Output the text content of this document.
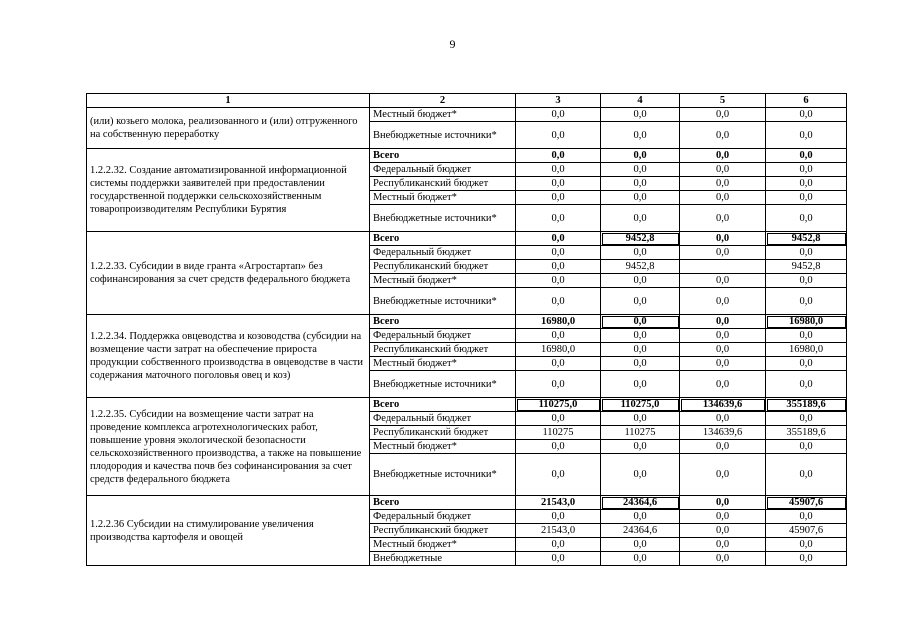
9
1	2	3	4	5	6
(или) козьего молока, реализованного и (или) отгруженного на собственную переработку	Местный бюджет*	0,0	0,0	0,0	0,0
	Внебюджетные источники*	0,0	0,0	0,0	0,0
1.2.2.32. Создание автоматизированной информационной системы поддержки заявителей при предоставлении государственной поддержки сельскохозяйственным товаропроизводителям Республики Бурятия	Всего	0,0	0,0	0,0	0,0
	Федеральный бюджет	0,0	0,0	0,0	0,0
	Республиканский бюджет	0,0	0,0	0,0	0,0
	Местный бюджет*	0,0	0,0	0,0	0,0
	Внебюджетные источники*	0,0	0,0	0,0	0,0
1.2.2.33. Субсидии в виде гранта «Агростартап» без софинансирования за счет средств федерального бюджета	Всего	0,0	9452,8	0,0	9452,8
	Федеральный бюджет	0,0	0,0	0,0	0,0
	Республиканский бюджет	0,0	9452,8		9452,8
	Местный бюджет*	0,0	0,0	0,0	0,0
	Внебюджетные источники*	0,0	0,0	0,0	0,0
1.2.2.34. Поддержка овцеводства и козоводства (субсидии на возмещение части затрат на обеспечение прироста продукции собственного производства в овцеводстве в части содержания маточного поголовья овец и коз)	Всего	16980,0	0,0	0,0	16980,0
	Федеральный бюджет	0,0	0,0	0,0	0,0
	Республиканский бюджет	16980,0	0,0	0,0	16980,0
	Местный бюджет*	0,0	0,0	0,0	0,0
	Внебюджетные источники*	0,0	0,0	0,0	0,0
1.2.2.35. Субсидии на возмещение части затрат на проведение комплекса агротехнологических работ, повышение уровня экологической безопасности сельскохозяйственного производства, а также на повышение плодородия и качества почв без софинансирования за счет средств федерального бюджета	Всего	110275,0	110275,0	134639,6	355189,6
	Федеральный бюджет	0,0	0,0	0,0	0,0
	Республиканский бюджет	110275	110275	134639,6	355189,6
	Местный бюджет*	0,0	0,0	0,0	0,0
	Внебюджетные источники*	0,0	0,0	0,0	0,0
1.2.2.36 Субсидии на стимулирование увеличения производства картофеля и овощей	Всего	21543,0	24364,6	0,0	45907,6
	Федеральный бюджет	0,0	0,0	0,0	0,0
	Республиканский бюджет	21543,0	24364,6	0,0	45907,6
	Местный бюджет*	0,0	0,0	0,0	0,0
	Внебюджетные	0,0	0,0	0,0	0,0
